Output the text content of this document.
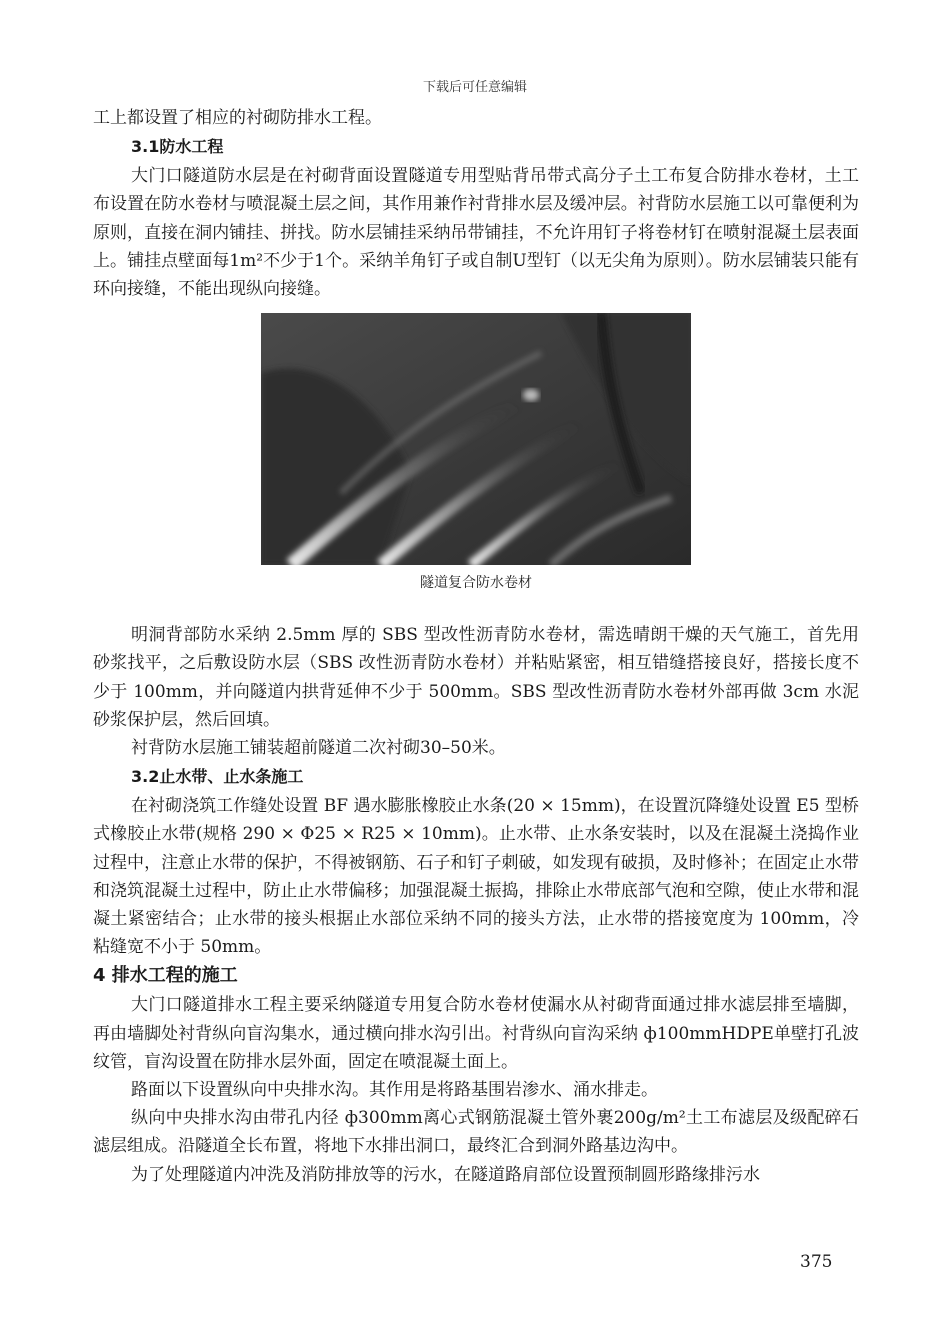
下载后可任意编辑

工上都设置了相应的衬砌防排水工程。

3.1防水工程

大门口隧道防水层是在衬砌背面设置隧道专用型贴背吊带式高分子土工布复合防排水卷材，土工布设置在防水卷材与喷混凝土层之间，其作用兼作衬背排水层及缓冲层。衬背防水层施工以可靠便利为原则，直接在洞内铺挂、拼找。防水层铺挂采纳吊带铺挂，不允许用钉子将卷材钉在喷射混凝土层表面上。铺挂点壁面每1m²不少于1个。采纳羊角钉子或自制U型钉（以无尖角为原则）。防水层铺装只能有环向接缝，不能出现纵向接缝。

隧道复合防水卷材

明洞背部防水采纳 2.5mm 厚的 SBS 型改性沥青防水卷材，需选晴朗干燥的天气施工，首先用砂浆找平，之后敷设防水层（SBS 改性沥青防水卷材）并粘贴紧密，相互错缝搭接良好，搭接长度不少于 100mm，并向隧道内拱背延伸不少于 500mm。SBS 型改性沥青防水卷材外部再做 3cm 水泥砂浆保护层，然后回填。

衬背防水层施工铺装超前隧道二次衬砌30–50米。

3.2止水带、止水条施工

在衬砌浇筑工作缝处设置 BF 遇水膨胀橡胶止水条(20 × 15mm)，在设置沉降缝处设置 E5 型桥式橡胶止水带(规格 290 × Φ25 × R25 × 10mm)。止水带、止水条安装时，以及在混凝土浇捣作业过程中，注意止水带的保护，不得被钢筋、石子和钉子刺破，如发现有破损，及时修补；在固定止水带和浇筑混凝土过程中，防止止水带偏移；加强混凝土振捣，排除止水带底部气泡和空隙，使止水带和混凝土紧密结合；止水带的接头根据止水部位采纳不同的接头方法，止水带的搭接宽度为 100mm，冷粘缝宽不小于 50mm。

4 排水工程的施工

大门口隧道排水工程主要采纳隧道专用复合防水卷材使漏水从衬砌背面通过排水滤层排至墙脚，再由墙脚处衬背纵向盲沟集水，通过横向排水沟引出。衬背纵向盲沟采纳 ф100mmHDPE单壁打孔波纹管，盲沟设置在防排水层外面，固定在喷混凝土面上。

路面以下设置纵向中央排水沟。其作用是将路基围岩渗水、涌水排走。

纵向中央排水沟由带孔内径 ф300mm离心式钢筋混凝土管外裹200g/m²土工布滤层及级配碎石滤层组成。沿隧道全长布置，将地下水排出洞口，最终汇合到洞外路基边沟中。

为了处理隧道内冲洗及消防排放等的污水，在隧道路肩部位设置预制圆形路缘排污水

375
